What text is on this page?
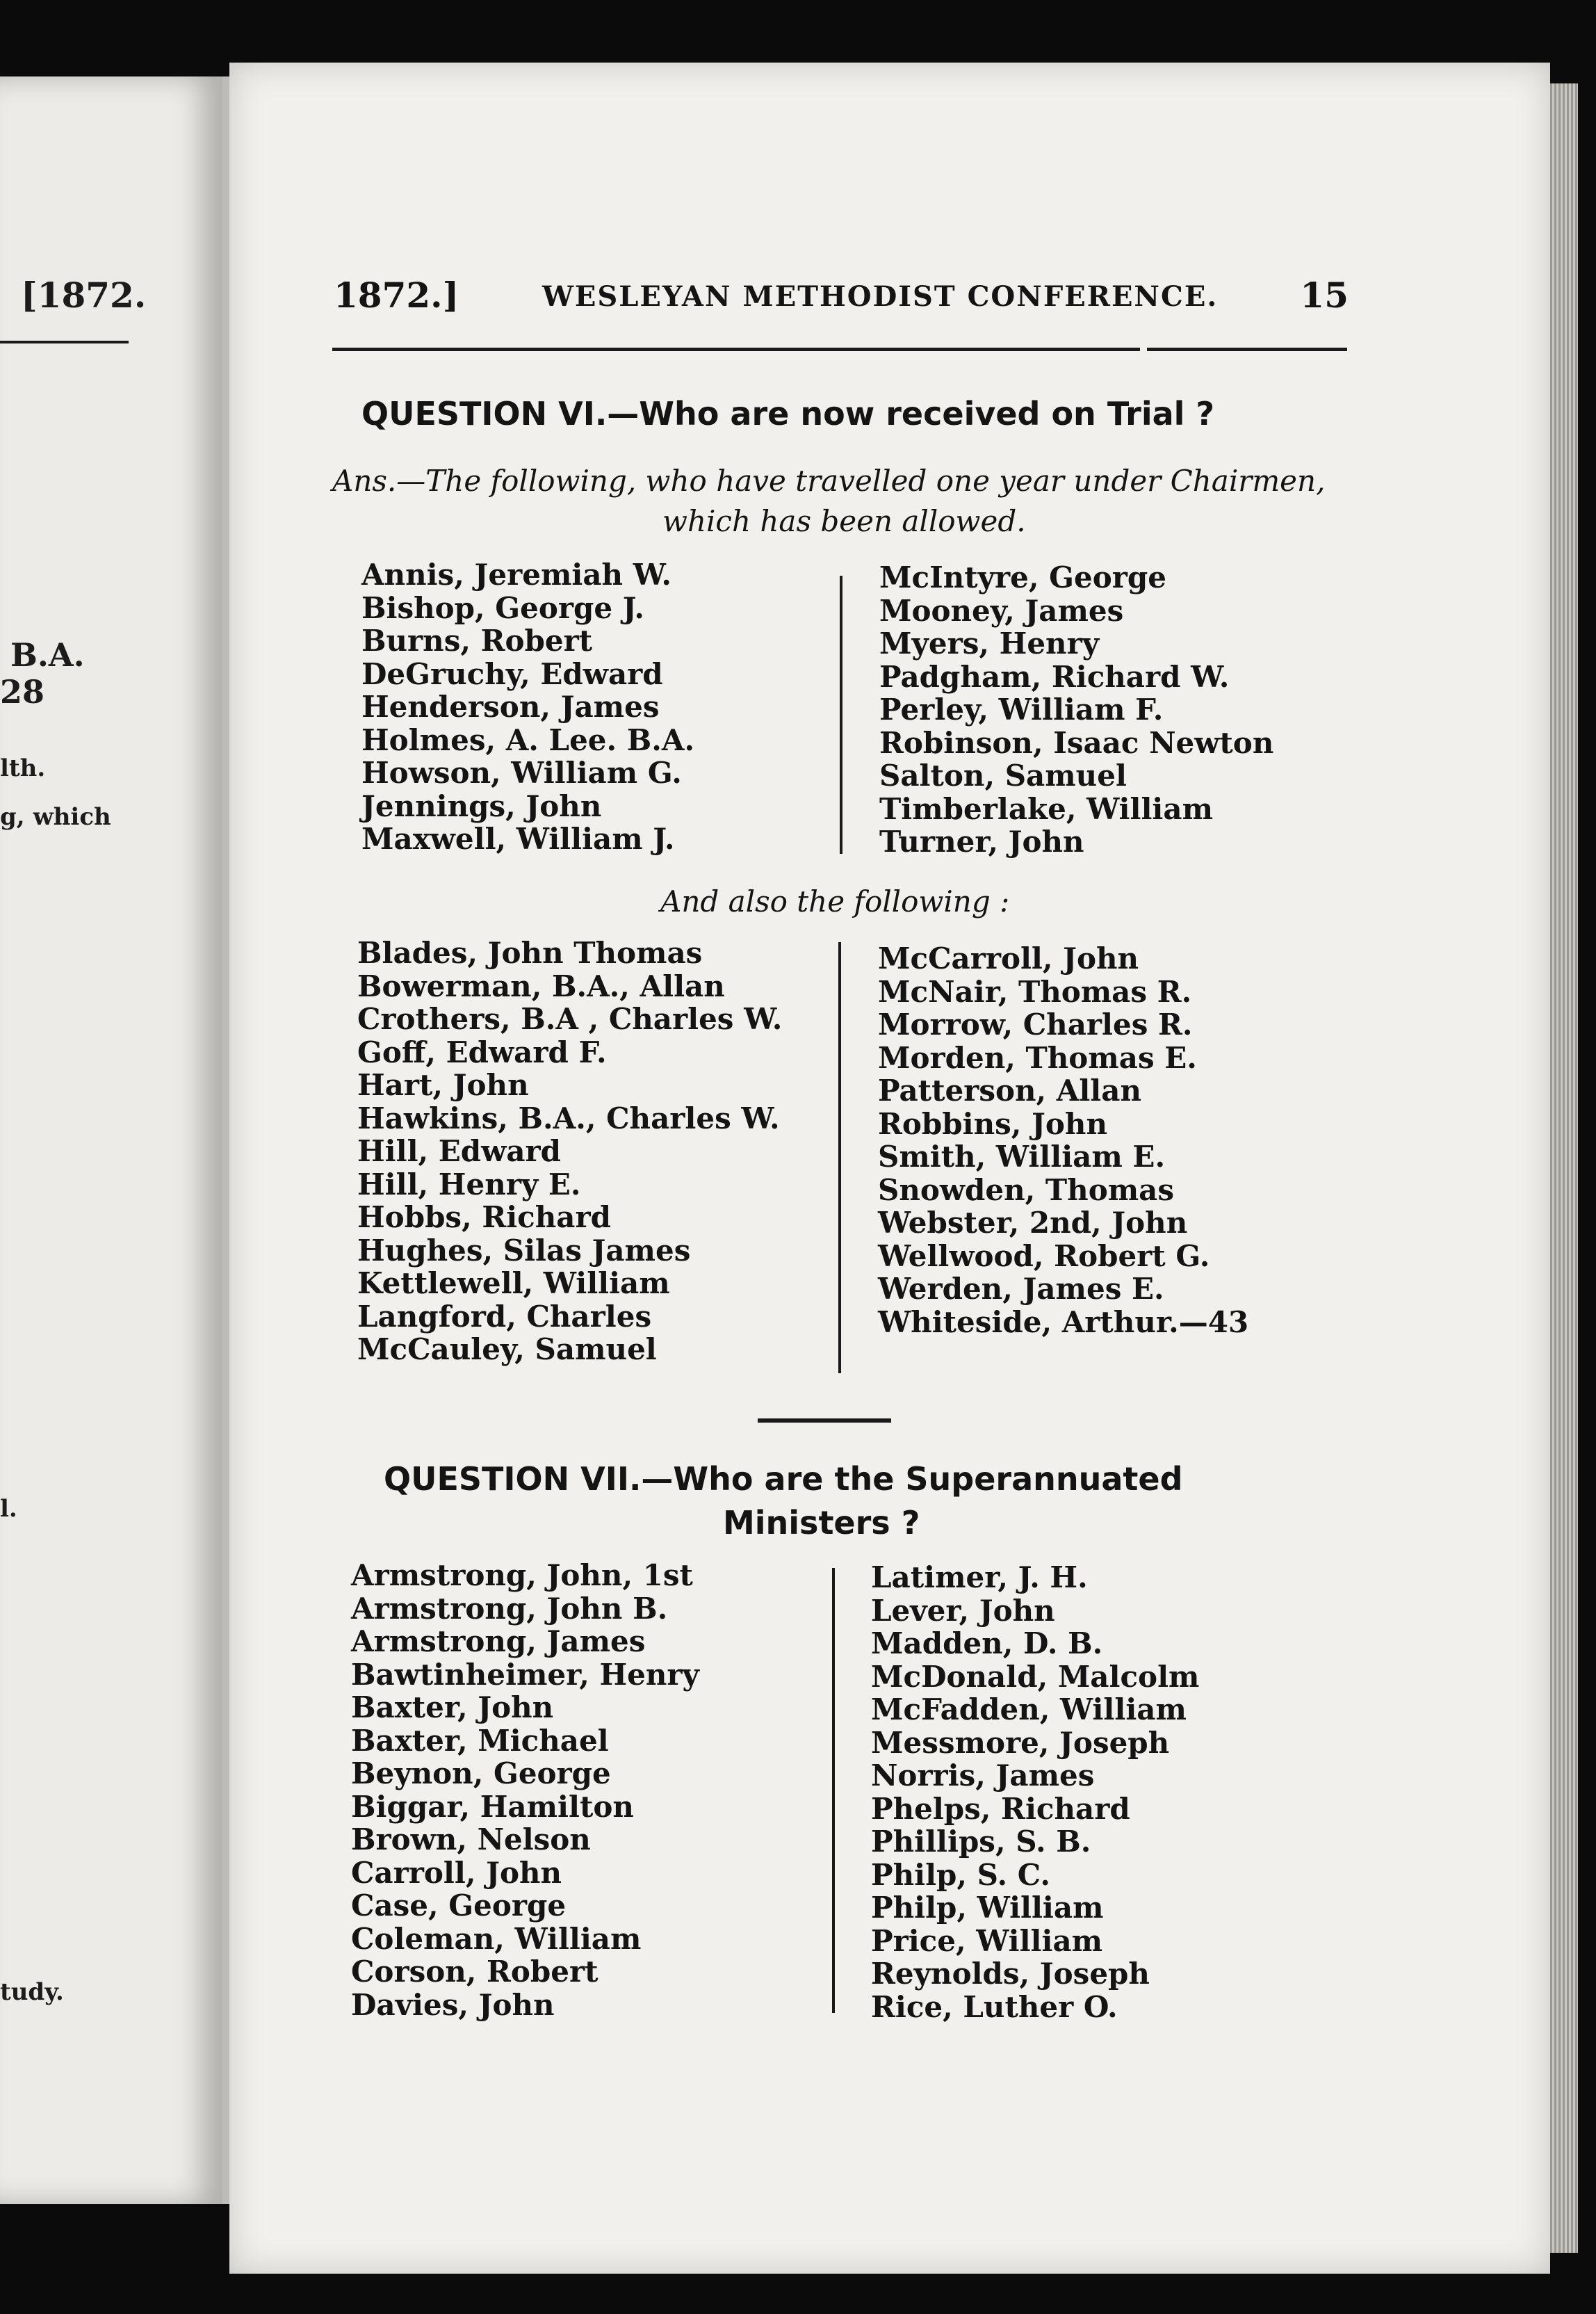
[1872.
B.A.
28
lth.
g, which
l.
tudy.
1872.]	WESLEYAN METHODIST CONFERENCE. 15
QUESTION VI.—Who are now received on Trial ?
Ans.—The following, who have travelled one year under Chairmen,
which has been allowed.
Annis, Jeremiah W.
Bishop, George J.
Burns, Robert
DeGruchy, Edward
Henderson, James
Holmes, A. Lee. B.A.
Howson, William G.
Jennings, John
Maxwell, William J.
McIntyre, George
Mooney, James
Myers, Henry
Padgham, Richard W.
Perley, William F.
Robinson, Isaac Newton
Salton, Samuel
Timberlake, William
Turner, John
And also the following :
Blades, John Thomas
Bowerman, B.A., Allan
Crothers, B.A , Charles W.
Goff, Edward F.
Hart, John
Hawkins, B.A., Charles W.
Hill, Edward
Hill, Henry E.
Hobbs, Richard
Hughes, Silas James
Kettlewell, William
Langford, Charles
McCauley, Samuel
McCarroll, John
McNair, Thomas R.
Morrow, Charles R.
Morden, Thomas E.
Patterson, Allan
Robbins, John
Smith, William E.
Snowden, Thomas
Webster, 2nd, John
Wellwood, Robert G.
Werden, James E.
Whiteside, Arthur.—43
QUESTION VII.—Who are the Superannuated
Ministers ?
Armstrong, John, 1st
Armstrong, John B.
Armstrong, James
Bawtinheimer, Henry
Baxter, John
Baxter, Michael
Beynon, George
Biggar, Hamilton
Brown, Nelson
Carroll, John
Case, George
Coleman, William
Corson, Robert
Davies, John
Latimer, J. H.
Lever, John
Madden, D. B.
McDonald, Malcolm
McFadden, William
Messmore, Joseph
Norris, James
Phelps, Richard
Phillips, S. B.
Philp, S. C.
Philp, William
Price, William
Reynolds, Joseph
Rice, Luther O.
